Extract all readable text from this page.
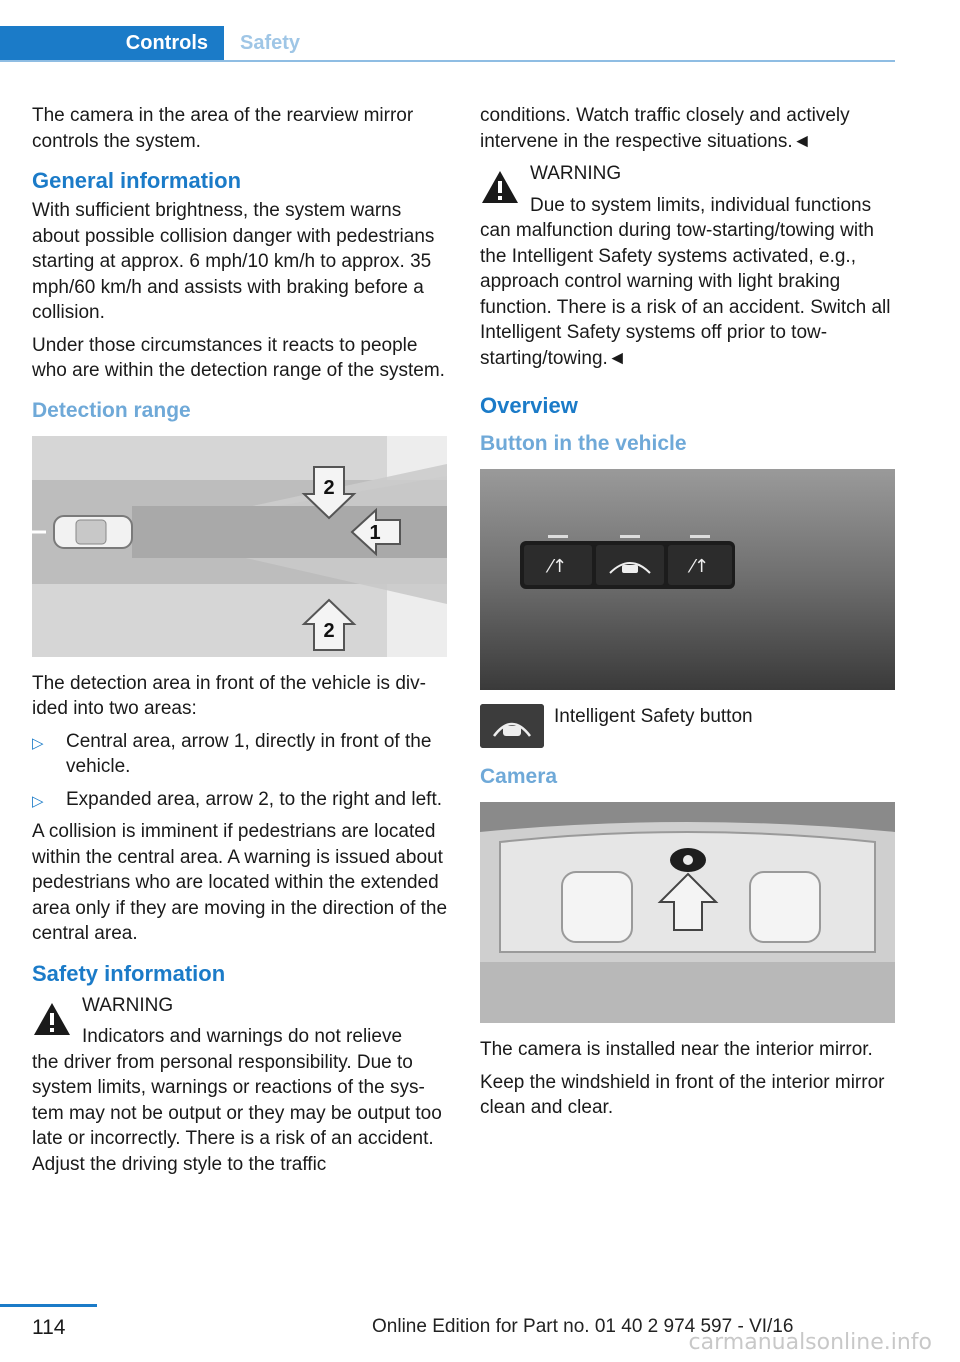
Controls	Safety

The camera in the area of the rearview mirror controls the system.

General information

With sufficient brightness, the system warns about possible collision danger with pedestrians starting at approx. 6 mph/10 km/h to approx. 35 mph/60 km/h and assists with braking before a collision.

Under those circumstances it reacts to people who are within the detection range of the system.

Detection range
2
1
2

The detection area in front of the vehicle is divided into two areas:

▷ Central area, arrow 1, directly in front of the vehicle.
▷ Expanded area, arrow 2, to the right and left.

A collision is imminent if pedestrians are located within the central area. A warning is issued about pedestrians who are located within the extended area only if they are moving in the direction of the central area.

Safety information
WARNING
Indicators and warnings do not relieve
the driver from personal responsibility. Due to system limits, warnings or reactions of the system may not be output or they may be output too late or incorrectly. There is a risk of an accident. Adjust the driving style to the traffic

conditions. Watch traffic closely and actively intervene in the respective situations.◄

WARNING
Due to system limits, individual functions
can malfunction during tow-starting/towing with the Intelligent Safety systems activated, e.g., approach control warning with light braking function. There is a risk of an accident. Switch all Intelligent Safety systems off prior to tow-starting/towing.◄
Overview
Button in the vehicle
⁄↑	⁄↑
Intelligent Safety button
Camera

The camera is installed near the interior mirror.

Keep the windshield in front of the interior mirror clean and clear.

114	Online Edition for Part no. 01 40 2 974 597 - VI/16
carmanualsonline.info
